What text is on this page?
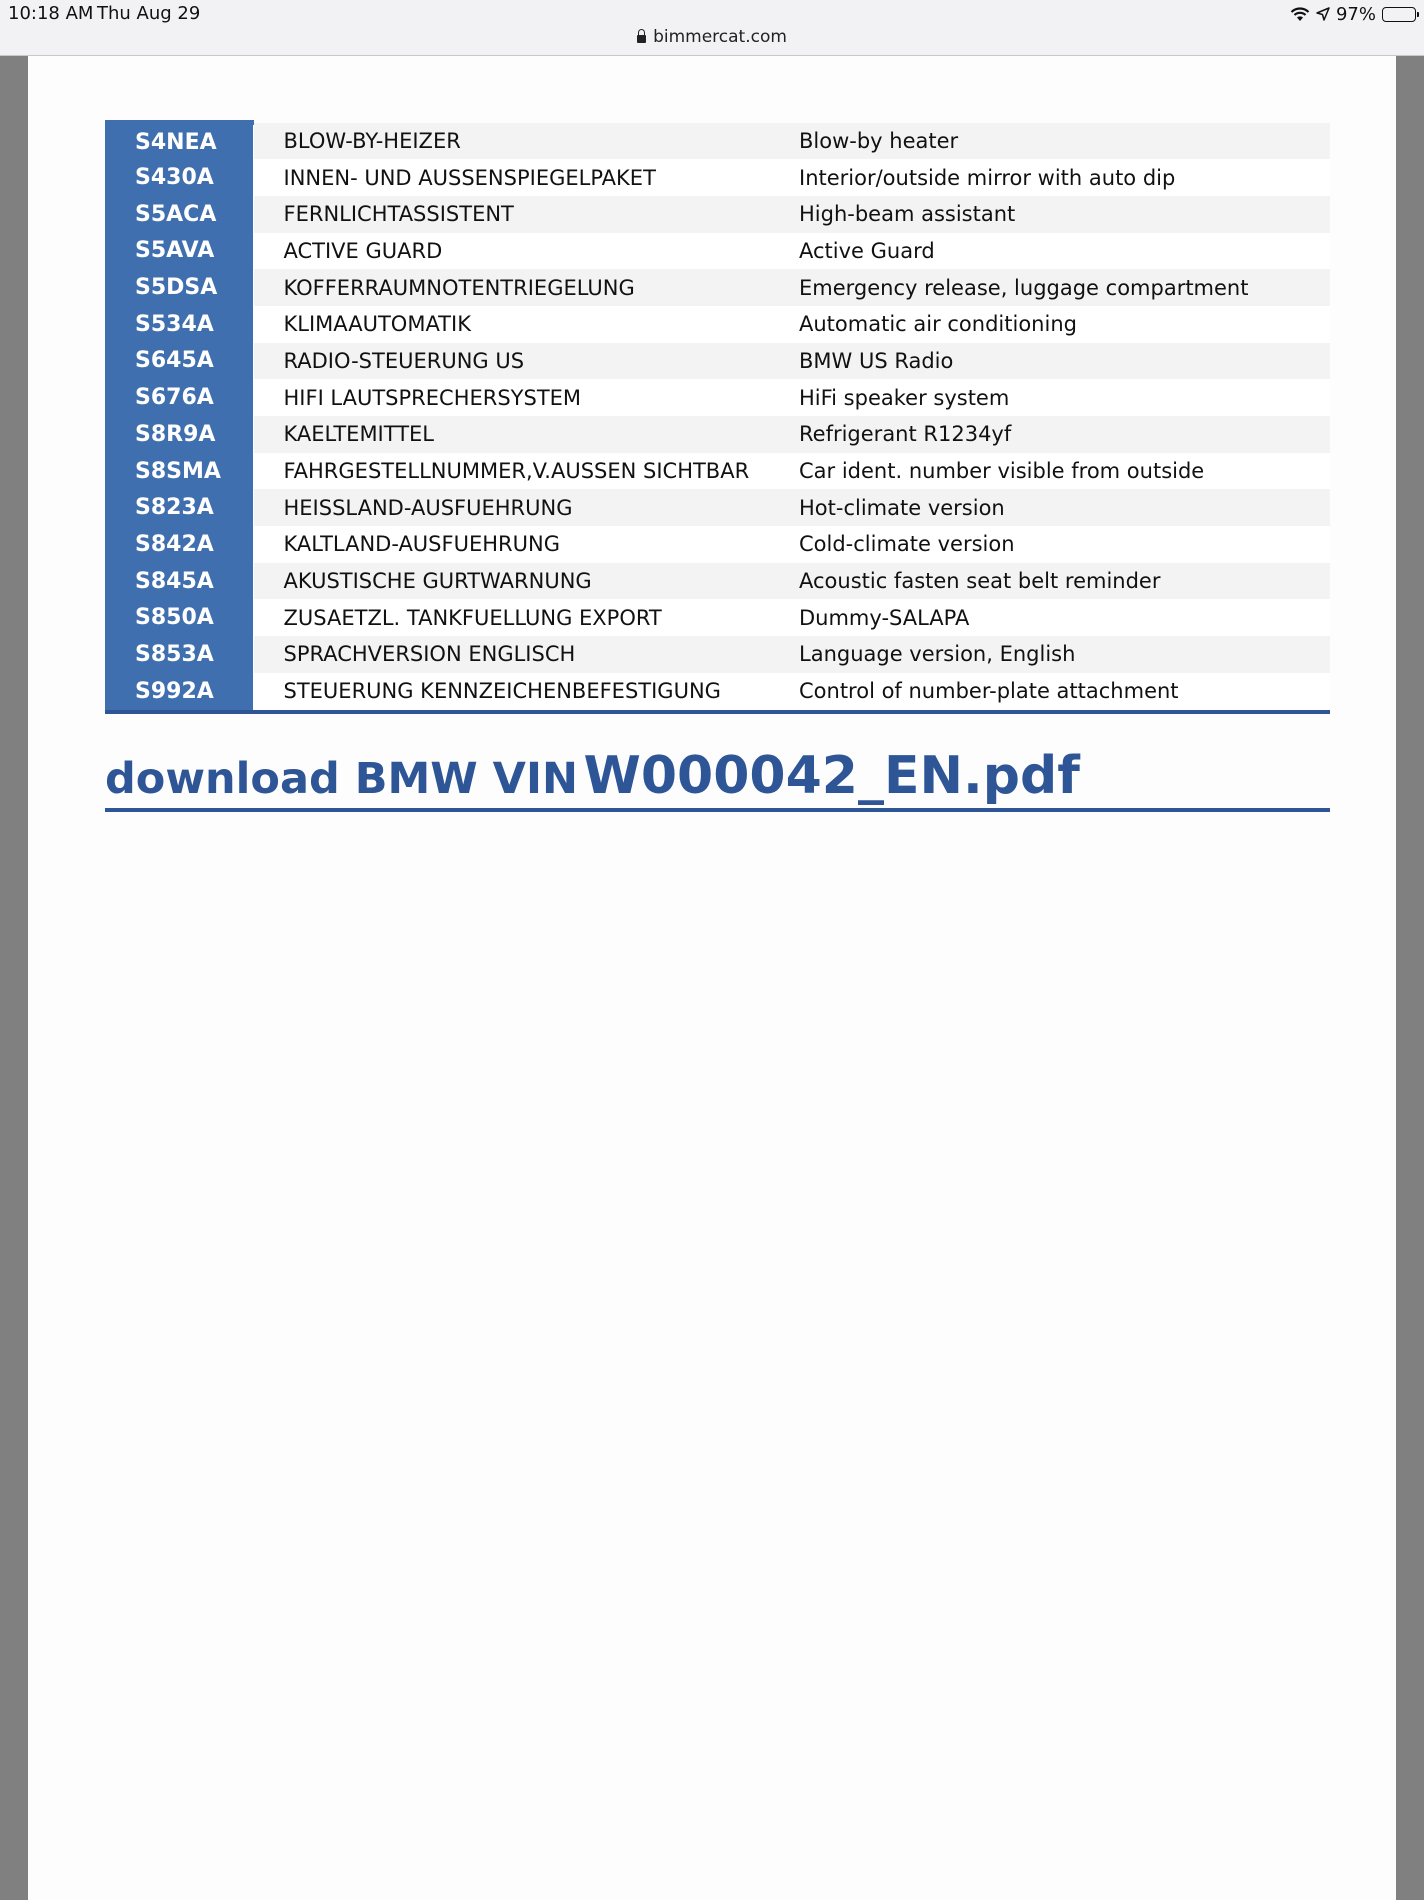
10:18 AM Thu Aug 29	97%
bimmercat.com
S4NEA	BLOW-BY-HEIZER	Blow-by heater
S430A	INNEN- UND AUSSENSPIEGELPAKET	Interior/outside mirror with auto dip
S5ACA	FERNLICHTASSISTENT	High-beam assistant
S5AVA	ACTIVE GUARD	Active Guard
S5DSA	KOFFERRAUMNOTENTRIEGELUNG	Emergency release, luggage compartment
S534A	KLIMAAUTOMATIK	Automatic air conditioning
S645A	RADIO-STEUERUNG US	BMW US Radio
S676A	HIFI LAUTSPRECHERSYSTEM	HiFi speaker system
S8R9A	KAELTEMITTEL	Refrigerant R1234yf
S8SMA	FAHRGESTELLNUMMER,V.AUSSEN SICHTBAR	Car ident. number visible from outside
S823A	HEISSLAND-AUSFUEHRUNG	Hot-climate version
S842A	KALTLAND-AUSFUEHRUNG	Cold-climate version
S845A	AKUSTISCHE GURTWARNUNG	Acoustic fasten seat belt reminder
S850A	ZUSAETZL. TANKFUELLUNG EXPORT	Dummy-SALAPA
S853A	SPRACHVERSION ENGLISCH	Language version, English
S992A	STEUERUNG KENNZEICHENBEFESTIGUNG	Control of number-plate attachment
download BMW VIN W000042_EN.pdf
